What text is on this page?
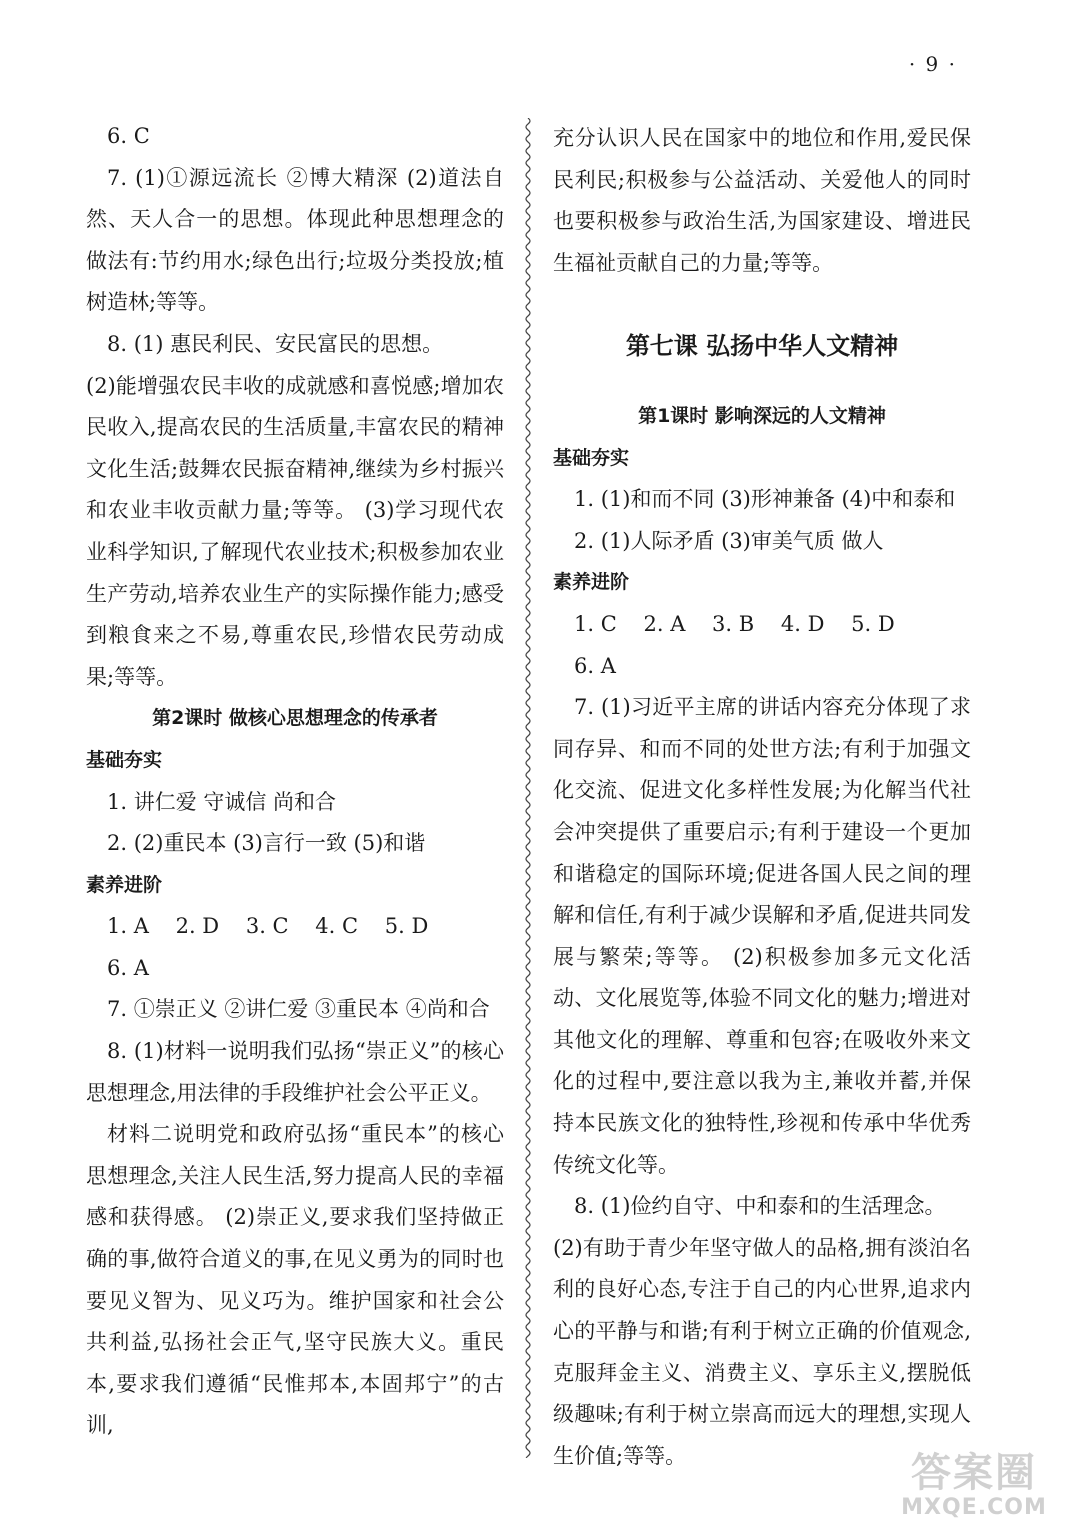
· 9 ·

6. C

7. (1)①源远流长 ②博大精深 (2)道法自然、天人合一的思想。体现此种思想理念的做法有:节约用水;绿色出行;垃圾分类投放;植树造林;等等。

8. (1) 惠民利民、安民富民的思想。

(2)能增强农民丰收的成就感和喜悦感;增加农民收入,提高农民的生活质量,丰富农民的精神文化生活;鼓舞农民振奋精神,继续为乡村振兴和农业丰收贡献力量;等等。 (3)学习现代农业科学知识,了解现代农业技术;积极参加农业生产劳动,培养农业生产的实际操作能力;感受到粮食来之不易,尊重农民,珍惜农民劳动成果;等等。

第2课时 做核心思想理念的传承者

基础夯实

1. 讲仁爱 守诚信 尚和合

2. (2)重民本 (3)言行一致 (5)和谐

素养进阶

1. A    2. D    3. C    4. C    5. D

6. A

7. ①崇正义 ②讲仁爱 ③重民本 ④尚和合

8. (1)材料一说明我们弘扬“崇正义”的核心思想理念,用法律的手段维护社会公平正义。

材料二说明党和政府弘扬“重民本”的核心思想理念,关注人民生活,努力提高人民的幸福感和获得感。 (2)崇正义,要求我们坚持做正确的事,做符合道义的事,在见义勇为的同时也要见义智为、见义巧为。维护国家和社会公共利益,弘扬社会正气,坚守民族大义。重民本,要求我们遵循“民惟邦本,本固邦宁”的古训,

充分认识人民在国家中的地位和作用,爱民保民利民;积极参与公益活动、关爱他人的同时也要积极参与政治生活,为国家建设、增进民生福祉贡献自己的力量;等等。

第七课 弘扬中华人文精神

第1课时 影响深远的人文精神

基础夯实

1. (1)和而不同 (3)形神兼备 (4)中和泰和

2. (1)人际矛盾 (3)审美气质 做人

素养进阶

1. C    2. A    3. B    4. D    5. D

6. A

7. (1)习近平主席的讲话内容充分体现了求同存异、和而不同的处世方法;有利于加强文化交流、促进文化多样性发展;为化解当代社会冲突提供了重要启示;有利于建设一个更加和谐稳定的国际环境;促进各国人民之间的理解和信任,有利于减少误解和矛盾,促进共同发展与繁荣;等等。 (2)积极参加多元文化活动、文化展览等,体验不同文化的魅力;增进对其他文化的理解、尊重和包容;在吸收外来文化的过程中,要注意以我为主,兼收并蓄,并保持本民族文化的独特性,珍视和传承中华优秀传统文化等。

8. (1)俭约自守、中和泰和的生活理念。

(2)有助于青少年坚守做人的品格,拥有淡泊名利的良好心态,专注于自己的内心世界,追求内心的平静与和谐;有利于树立正确的价值观念,克服拜金主义、消费主义、享乐主义,摆脱低级趣味;有利于树立崇高而远大的理想,实现人生价值;等等。	答案圈
MXQE.COM
